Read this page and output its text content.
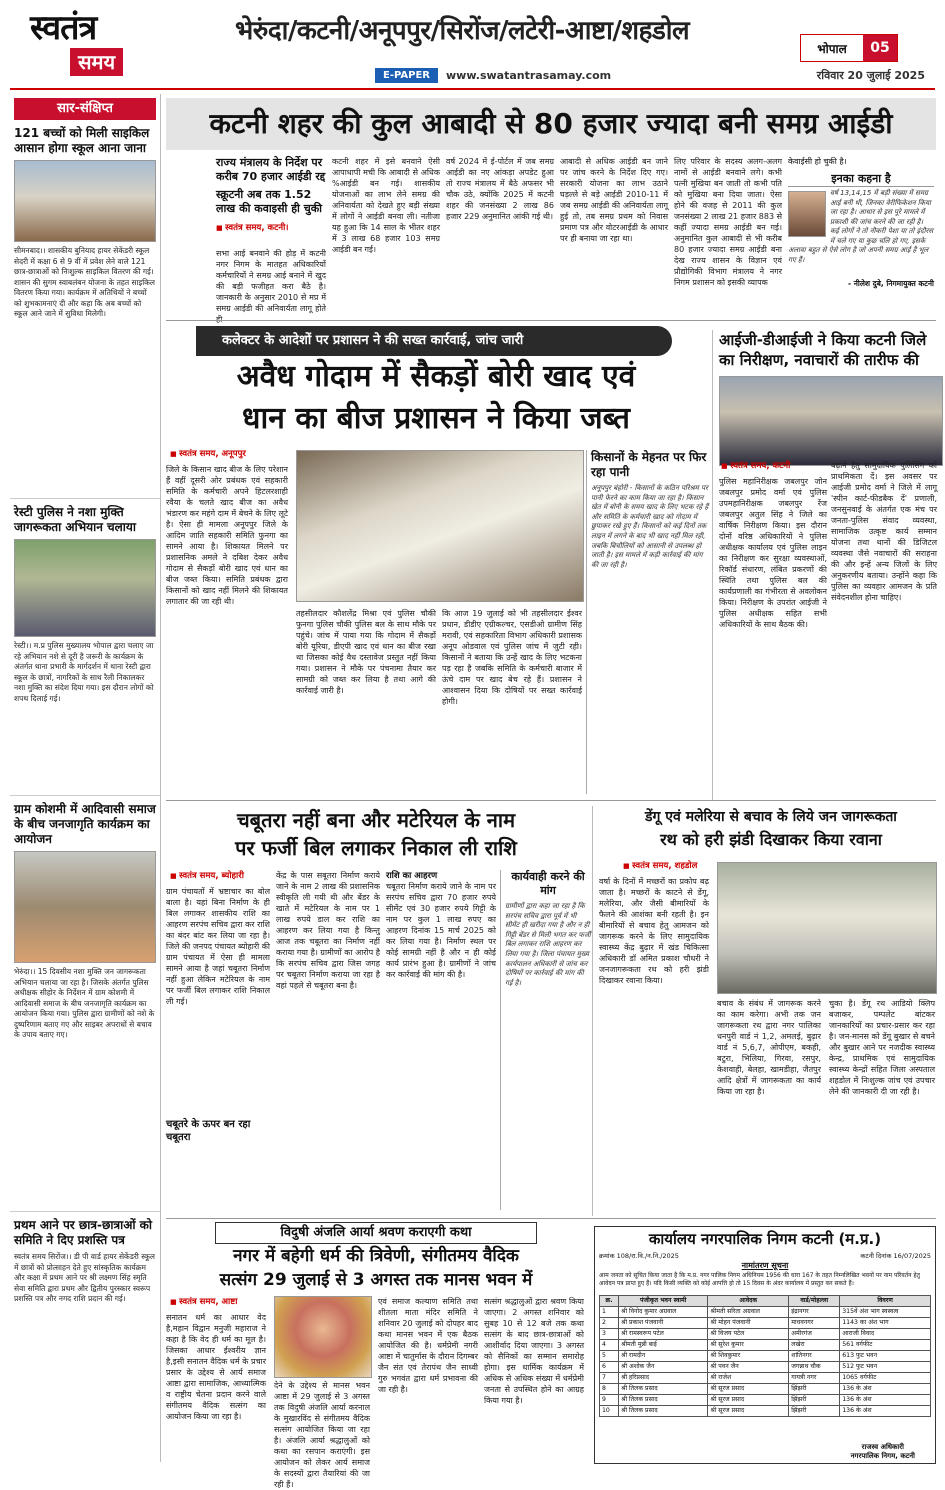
स्वतंत्र
समय
भेरुंदा/कटनी/अनूपपुर/सिरोंज/लटेरी-आष्टा/शहडोल
भोपाल	05
E-PAPER	www.swatantrasamay.com	रविवार 20 जुलाई 2025
सार-संक्षिप्त
121 बच्चों को मिली साइकिल आसान होगा स्कूल आना जाना
सीमनबाद।। शासकीय बुनियाद हायर सेकेंडरी स्कूल सेदरी में कक्षा 6 से 9 वीं में प्रवेश लेने वाले 121 छात्र-छात्राओं को निःशुल्क साइकिल वितरण की गई। शासन की सुगम स्वाबलंबन योजना के तहत साइकिल वितरण किया गया। कार्यक्रम में अतिथियों ने बच्चों को शुभकामनाएं दी और कहा कि अब बच्चों को स्कूल आने जाने में सुविधा मिलेगी।
रेस्टी पुलिस ने नशा मुक्ति जागरूकता अभियान चलाया
रेस्टी।। म.प्र पुलिस मुख्यालय भोपाल द्वारा चलाए जा रहे अभियान नशे से दूरी है जरूरी के कार्यक्रम के अंतर्गत थाना प्रभारी के मार्गदर्शन में थाना रेस्टी द्वारा स्कूल के छात्रों, नागरिकों के साथ रैली निकालकर नशा मुक्ति का संदेश दिया गया। इस दौरान लोगों को शपथ दिलाई गई।
ग्राम कोशमी में आदिवासी समाज के बीच जनजागृति कार्यक्रम का आयोजन
भेरुंदा।। 15 दिवसीय नशा मुक्ति जन जागरूकता अभियान चलाया जा रहा है। जिसके अंतर्गत पुलिस अधीक्षक सीहोर के निर्देशन में ग्राम कोशमी में आदिवासी समाज के बीच जनजागृति कार्यक्रम का आयोजन किया गया। पुलिस द्वारा ग्रामीणों को नशे के दुष्परिणाम बताए गए और साइबर अपराधों से बचाव के उपाय बताए गए।
प्रथम आने पर छात्र-छात्राओं को समिति ने दिए प्रशस्ति पत्र
स्वतंत्र समय सिरोंज।। डी पी वार्ड हायर सेकेंडरी स्कूल में छात्रों को प्रोत्साहन देते हुए सांस्कृतिक कार्यक्रम और कक्षा में प्रथम आने पर श्री लक्ष्मण सिंह स्मृति सेवा समिति द्वारा प्रथम और द्वितीय पुरस्कार स्वरूप प्रशस्ति पत्र और नगद राशि प्रदान की गई।
कटनी शहर की कुल आबादी से 80 हजार ज्यादा बनी समग्र आईडी
राज्य मंत्रालय के निर्देश पर करीब 70 हजार आईडी रद्द
स्क्रूटनी अब तक 1.52 लाख की कवाइसी ही चुकी
■ स्वतंत्र समय, कटनी।
सभा आई बनवाने की होड़ में कटनी नगर निगम के मातहत अधिकारियों कर्मचारियों ने समग्र आई बनाने में खुद की बड़ी फजीहत करा बैठे है। जानकारी के अनुसार 2010 से मप्र में समग्र आईडी की अनिवार्यता लागू होते
कटनी शहर में इसे बनवाने ऐसी आपाधापी मची कि आबादी से अधिक %आईडी बन गई। शासकीय योजनाओं का लाभ लेने समग्र की अनिवार्यता को देखते हुए बड़ी संख्या में लोगों ने आईडी बनवा ली। नतीजा यह हुआ कि 14 साल के भीतर शहर में 3 लाख 68 हजार 103 समग्र आईडी बन गई।
वर्ष 2024 में ई-पोर्टल में जब समग्र आईडी का नए आंकड़ा अपडेट हुआ तो राज्य मंत्रालय में बैठे अफसर भी चौक उठे, क्योंकि 2025 में कटनी शहर की जनसंख्या 2 लाख 86 हजार 229 अनुमानित आंकी गई थी।
आबादी से अधिक आईडी बन जाने पर जांच करने के निर्देश दिए गए। सरकारी योजना का लाभ उठाने घड़ल्ले से बड़े आईडी 2010-11 में जब समग्र आईडी की अनिवार्यता लागू हुई तो, तब समग्र प्रथम को निवास प्रमाण पत्र और वोटरआईडी के आधार पर ही बनाया जा रहा था।
लिए परिवार के सदस्य अलग-अलग नामों से आईडी बनवाने लगे। कभी पत्नी मुखिया बन जाती तो कभी पति को मुखिया बना दिया जाता। ऐसा होने की वजह से 2011 की कुल जनसंख्या 2 लाख 21 हजार 883 से कहीं ज्यादा समग्र आईडी बन गई। अनुमानित कुल आबादी से भी करीब 80 हजार ज्यादा समग्र आईडी बना देख राज्य शासन के विज्ञान एवं प्रौद्योगिकी विभाग मंत्रालय ने नगर निगम प्रशासन को इसकी व्यापक
केवाईसी हो चुकी है।
इनका कहना है
वर्ष 13,14,15 में बड़ी संख्या में समग्र आई बनी थी, जिनका वेरीफिकेशन किया जा रहा है। आधार से इस पूरे मामले में प्रकाशी की जांच करने की जा रही है। कई लोगों ने तो नौकरी पेशा या तो इंदौरस में चले गए या कुछ चलि हो गए, इसके अलावा बहुत से ऐसे लोग है जो अपनी समग्र आई है भूल गए हैं।
- नीलेश दुबे, निगमायुक्त कटनी
कलेक्टर के आदेशों पर प्रशासन ने की सख्त कार्रवाई, जांच जारी
अवैध गोदाम में सैकड़ों बोरी खाद एवं
धान का बीज प्रशासन ने किया जब्त
■ स्वतंत्र समय, अनूपपुर
जिले के किसान खाद बीज के लिए परेशान हैं वहीं दूसरी ओर प्रबंधक एवं सहकारी समिति के कर्मचारी अपने हिटलरशाही रवैया के चलते खाद बीज का अवैध भंडारण कर महंगे दाम में बेचने के लिए लूटे है। ऐसा ही मामला अनूपपुर जिले के आदिम जाति सहकारी समिति फुनगा का सामने आया है। शिकायत मिलने पर प्रशासनिक अमले ने दबिश देकर अवैध गोदाम से सैकड़ों बोरी खाद एवं धान का बीज जब्त किया। समिति प्रबंधक द्वारा किसानों को खाद नहीं मिलने की शिकायत लगातार की जा रही थी।
तहसीलदार कौशलेंद्र मिश्रा एवं पुलिस चौकी फुनगा पुलिस चौकी पुलिस बल के साथ मौके पर पहुंचे। जांच में पाया गया कि गोदाम में सैकड़ों बोरी यूरिया, डीएपी खाद एवं धान का बीज रखा था जिसका कोई वैध दस्तावेज प्रस्तुत नहीं किया गया। प्रशासन ने मौके पर पंचनामा तैयार कर सामग्री को जब्त कर लिया है तथा आगे की कार्रवाई जारी है।
कि आज 19 जुलाई को भी तहसीलदार ईश्वर प्रधान, डीडीए एग्रीकल्चर, एसडीओ ग्रामीण सिंह मरावी, एवं सहकारिता विभाग अधिकारी प्रशासक अनूप ओडवाल एवं पुलिस जांच में जुटी रही। किसानों ने बताया कि उन्हें खाद के लिए भटकना पड़ रहा है जबकि समिति के कर्मचारी बाजार में ऊंचे दाम पर खाद बेच रहे हैं। प्रशासन ने आश्वासन दिया कि दोषियों पर सख्त कार्रवाई होगी।
किसानों के मेहनत पर फिर रहा पानी
अनूपपुर बंहोरी - किसानों के कठिन परिश्रम पर पानी फेरने का काम किया जा रहा है। किसान खेत में बोनी के समय खाद के लिए भटक रहे हैं और समिति के कर्मचारी खाद को गोदाम में छुपाकर रखे हुए हैं। किसानों को कई दिनों तक लाइन में लगने के बाद भी खाद नहीं मिल रही, जबकि बिचौलियों को आसानी से उपलब्ध हो जाती है। इस मामले में कड़ी कार्रवाई की मांग की जा रही है।
आईजी-डीआईजी ने किया कटनी जिले का निरीक्षण, नवाचारों की तारीफ की
■ स्वतंत्र समय, कटनी
पुलिस महानिरीक्षक जबलपुर जोन जबलपुर प्रमोद वर्मा एवं पुलिस उपमहानिरीक्षक जबलपुर रेंज जबलपुर अतुल सिंह ने जिले का वार्षिक निरीक्षण किया। इस दौरान दोनों वरिष्ठ अधिकारियों ने पुलिस अधीक्षक कार्यालय एवं पुलिस लाइन का निरीक्षण कर सुरक्षा व्यवस्थाओं, रिकॉर्ड संधारण, लंबित प्रकरणों की स्थिति तथा पुलिस बल की कार्यप्रणाली का गंभीरता से अवलोकन किया। निरीक्षण के उपरांत आईजी ने पुलिस अधीक्षक सहित सभी अधिकारियों के साथ बैठक की।
बढ़ाने हेतु सामुदायिक पुलिसिंग को प्राथमिकता दें। इस अवसर पर आईजी प्रमोद वर्मा ने जिले में लागू 'स्पीन कार्ट-फीडबैक दें' प्रणाली, जनसुनवाई के अंतर्गत एक मंच पर जनता-पुलिस संवाद व्यवस्था, सामाजिक उत्कृष्ट कार्य सम्मान योजना तथा थानों की डिजिटल व्यवस्था जैसे नवाचारों की सराहना की और इन्हें अन्य जिलों के लिए अनुकरणीय बताया। उन्होंने कहा कि पुलिस का व्यवहार आमजन के प्रति संवेदनशील होना चाहिए।
चबूतरा नहीं बना और मटेरियल के नाम
पर फर्जी बिल लगाकर निकाल ली राशि
■ स्वतंत्र समय, ब्योहारी
ग्राम पंचायतों में भ्रष्टाचार का बोल बाला है। यहां बिना निर्माण के ही बिल लगाकर शासकीय राशि का आहरण सरपंच सचिव द्वारा कर राशि का बंदर बांट कर लिया जा रहा है। जिले की जनपद पंचायत ब्योहारी की ग्राम पंचायत में ऐसा ही मामला सामने आया है जहां चबूतरा निर्माण नहीं हुआ लेकिन मटेरियल के नाम पर फर्जी बिल लगाकर राशि निकाल ली गई।
चबूतरे के ऊपर बन रहा चबूतरा
केंद्र के पास सबूतरा निर्माण कराये जाने के नाम 2 लाख की प्रशासनिक स्वीकृति ली गयी थी और बेंडर के खाते में मटेरियल के नाम पर 1 लाख रुपये डाल कर राशि का आहरण कर लिया गया है किन्तु आज तक चबूतरा का निर्माण नहीं कराया गया है। ग्रामीणों का आरोप है कि सरपंच सचिव द्वारा जिस जगह पर चबूतरा निर्माण कराया जा रहा है वहां पहले से चबूतरा बना है।
राशि का आहरण
चबूतरा निर्माण कराये जाने के नाम पर सरपंच सचिव द्वारा 70 हजार रुपये सीमेंट एवं 30 हजार रुपये गिट्टी के नाम पर कुल 1 लाख रुपए का आहरण दिनांक 15 मार्च 2025 को कर लिया गया है। निर्माण स्थल पर कोई सामग्री नहीं है और न ही कोई कार्य प्रारंभ हुआ है। ग्रामीणों ने जांच कर कार्रवाई की मांग की है।
कार्यवाही करने की मांग
ग्रामीणों द्वारा कहा जा रहा है कि सरपंच सचिव द्वारा पूर्व में भी सीमेंट ही खरीदा गया है और न ही गिट्टी बेंडर से मिली भगत कर फर्जी बिल लगाकर राशि आहरण कर लिया गया है। जिला पंचायत मुख्य कार्यपालन अधिकारी से जांच कर दोषियों पर कार्रवाई की मांग की गई है।
डेंगू एवं मलेरिया से बचाव के लिये जन जागरूकता
रथ को हरी झंडी दिखाकर किया रवाना
■ स्वतंत्र समय, शहडोल
वर्षा के दिनों में मच्छरों का प्रकोप बढ़ जाता है। मच्छरों के काटने से डेंगू, मलेरिया, और जैसी बीमारियों के फैलने की आशंका बनी रहती है। इन बीमारियों से बचाव हेतु आमजन को जागरूक करने के लिए सामुदायिक स्वास्थ्य केंद्र बुढ़ार में खंड चिकित्सा अधिकारी डॉ अमित प्रकाश चौधरी ने जनजागरूकता रथ को हरी झंडी दिखाकर रवाना किया।
बचाव के संबंध में जागरूक करने का काम करेगा। अभी तक जन जागरूकता रथ द्वारा नगर पालिका धनपुरी वार्ड नं 1,2, अमलई, बुढ़ार वार्ड नं 5,6,7, ओपीएम, बकही, बटुरा, भिलिया, गिरवा, रसपुर, केशवाही, बेलहा, खामडीहा, जैतपुर आदि क्षेत्रों में जागरूकता का कार्य किया जा रहा है।
चुका है। डेंगू रथ आडियो क्लिप बजाकर, पम्पलेट बांटकर जानकारियों का प्रचार-प्रसार कर रहा है। जन-मानस को डेंगू बुखार से बचने और बुखार आने पर नजदीक स्वास्थ्य केन्द्र, प्राथमिक एवं सामुदायिक स्वास्थ्य केन्द्रों सहित जिला अस्पताल शहडोल में निःशुल्क जांच एवं उपचार लेने की जानकारी दी जा रही है।
विदुषी अंजलि आर्या श्रवण कराएगी कथा
नगर में बहेगी धर्म की त्रिवेणी, संगीतमय वैदिक
सत्संग 29 जुलाई से 3 अगस्त तक मानस भवन में
■ स्वतंत्र समय, आष्टा
सनातन धर्म का आधार वेद है,महान विद्वान मनुजी महाराज ने कहा है कि वेद ही धर्म का मूल है। जिसका आधार ईश्वरीय ज्ञान है,इसी सनातन वैदिक धर्म के प्रचार प्रसार के उद्देश्य से आर्य समाज आष्टा द्वारा सामाजिक, आध्यात्मिक व राष्ट्रीय चेतना प्रदान करने वाले संगीतमय वैदिक सत्संग का आयोजन किया जा रहा है।
देने के उद्देश्य से मानस भवन आष्टा में 29 जुलाई से 3 अगस्त तक विदुषी अंजलि आर्या करनाल के मुखारविंद से संगीतमय वैदिक सत्संग आयोजित किया जा रहा है। अंजलि आर्या श्रद्धालुओं को कथा का रसपान कराएंगी। इस आयोजन को लेकर आर्य समाज के सदस्यों द्वारा तैयारियां की जा रही हैं।
एवं समाज कल्याण समिति तथा शीतला माता मंदिर समिति ने शनिवार 20 जुलाई को दोपहर बाद कथा मानस भवन में एक बैठक आयोजित की है। धर्मप्रेमी नगरी आष्टा में चातुर्मास के दौरान दिगम्बर जैन संत एवं तेरापंथ जैन साध्वी गुरु भगवंत द्वारा धर्म प्रभावना की जा रही है।
सत्संग श्रद्धालुओं द्वारा श्रवण किया जाएगा। 2 अगस्त शनिवार को सुबह 10 से 12 बजे तक कथा सत्संग के बाद छात्र-छात्राओं को आशीर्वाद दिया जाएगा। 3 अगस्त को सैनिकों का सम्मान समारोह होगा। इस धार्मिक कार्यक्रम में अधिक से अधिक संख्या में धर्मप्रेमी जनता से उपस्थित होने का आग्रह किया गया है।
कार्यालय नगरपालिक निगम कटनी (म.प्र.)
क्रमांक 108/रा.वि./न.नि./2025	कटनी दिनांक 16/07/2025
नामांतरण सूचना
आम जनता को सूचित किया जाता है कि म.प्र. नगर पालिक निगम अधिनियम 1956 की धारा 167 के तहत निम्नलिखित भवनों पर नाम परिवर्तन हेतु आवेदन पत्र प्राप्त हुए हैं। यदि किसी व्यक्ति को कोई आपत्ति हो तो 15 दिवस के अंदर कार्यालय में प्रस्तुत कर सकते हैं।
क्र.	पंजीकृत भवन स्वामी	आवेदक	वार्ड/मोहल्ला	विवरण
1	श्री विनोद कुमार अग्रवाल	श्रीमती सरिता अग्रवाल	इंद्रानगर	315वें अंश भाग स्वस्वत्व
2	श्री प्रकाश पंजवानी	श्री मोहन पंजवानी	माधवनगर	1143 का अंश भाग
3	श्री रामस्वरूप पटेल	श्री विजय पटेल	अमीरगंज	आराजी विवाद
4	श्रीमती मुन्नी बाई	श्री सुरेश कुमार	लखेरा	561 वर्गफीट
5	श्री रामदीन	श्री शिवकुमार	शांतिनगर	613 फुट भवन
6	श्री अशोक जैन	श्री पवन जैन	जगन्नाथ चौक	512 फुट भवन
7	श्री हरिप्रसाद	श्री राजेश	गायत्री नगर	1065 वर्गफीट
8	श्री तिलक प्रसाद	श्री सूरज प्रसाद	झिंझरी	136 के अंश
9	श्री तिलक प्रसाद	श्री सूरज प्रसाद	झिंझरी	136 के अंश
10	श्री तिलक प्रसाद	श्री सूरज प्रसाद	झिंझरी	136 के अंश
राजस्व अधिकारी
नगरपालिक निगम, कटनी
